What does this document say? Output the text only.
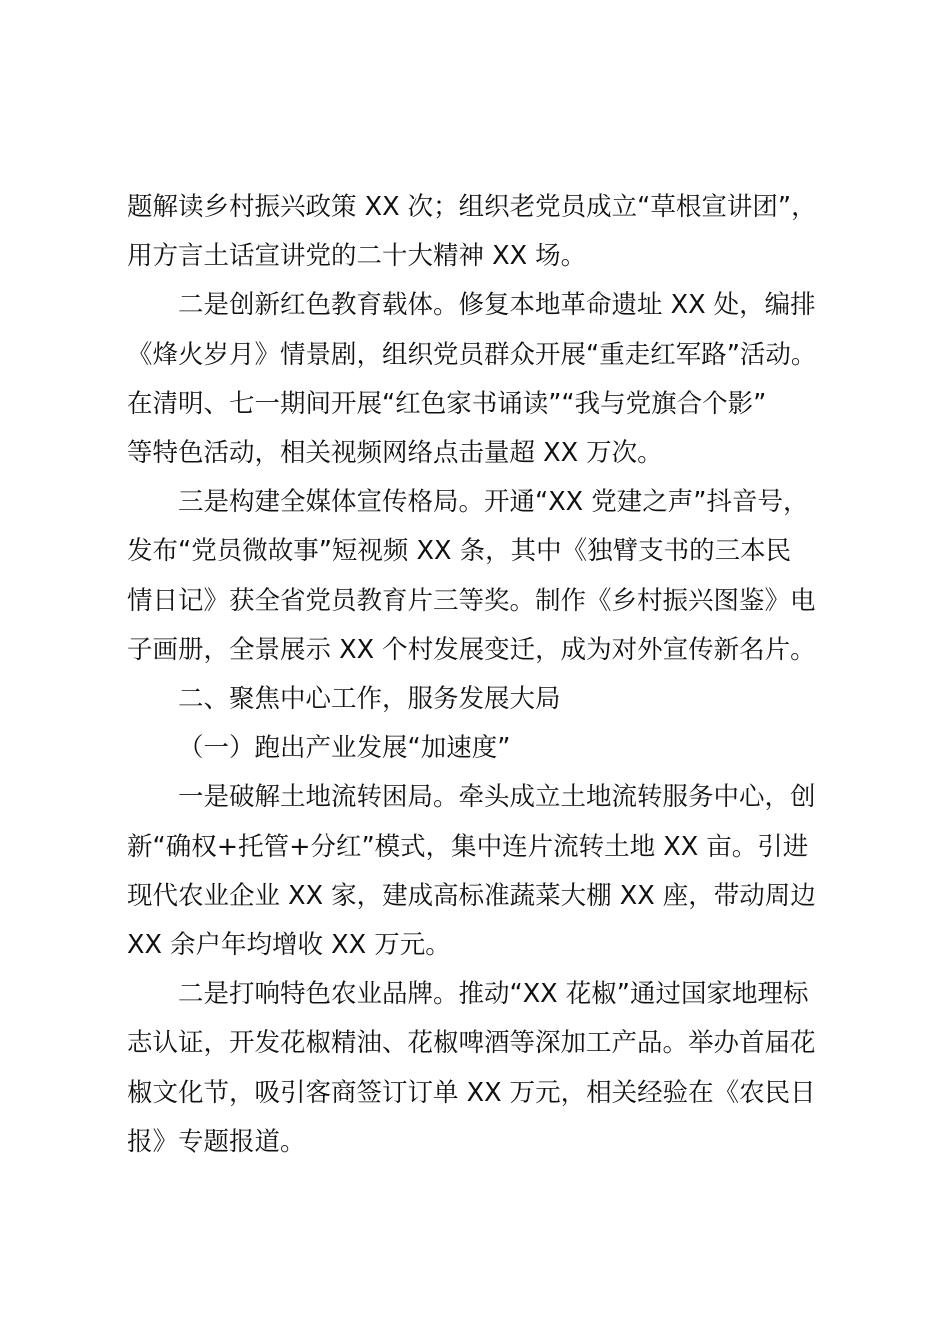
题解读乡村振兴政策 XX 次；组织老党员成立“草根宣讲团”，
用方言土话宣讲党的二十大精神 XX 场。

二是创新红色教育载体。修复本地革命遗址 XX 处，编排
《烽火岁月》情景剧，组织党员群众开展“重走红军路”活动。
在清明、七一期间开展“红色家书诵读”“我与党旗合个影”
等特色活动，相关视频网络点击量超 XX 万次。

三是构建全媒体宣传格局。开通“XX 党建之声”抖音号，
发布“党员微故事”短视频 XX 条，其中《独臂支书的三本民
情日记》获全省党员教育片三等奖。制作《乡村振兴图鉴》电
子画册，全景展示 XX 个村发展变迁，成为对外宣传新名片。

二、聚焦中心工作，服务发展大局

（一）跑出产业发展“加速度”

一是破解土地流转困局。牵头成立土地流转服务中心，创
新“确权+托管+分红”模式，集中连片流转土地 XX 亩。引进
现代农业企业 XX 家，建成高标准蔬菜大棚 XX 座，带动周边
XX 余户年均增收 XX 万元。

二是打响特色农业品牌。推动“XX 花椒”通过国家地理标
志认证，开发花椒精油、花椒啤酒等深加工产品。举办首届花
椒文化节，吸引客商签订订单 XX 万元，相关经验在《农民日
报》专题报道。
